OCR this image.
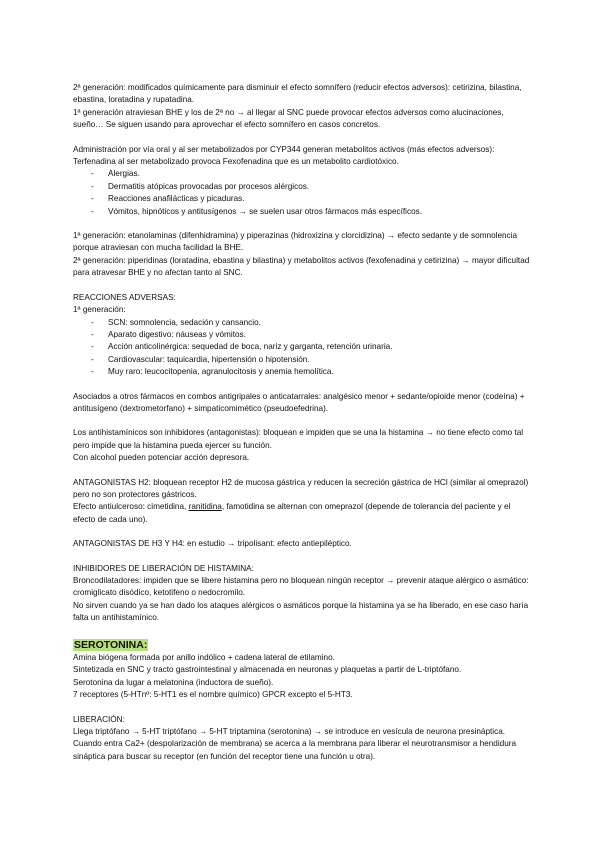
2ª generación: modificados químicamente para disminuir el efecto somnífero (reducir efectos adversos): cetirizina, bilastina, ebastina, loratadina y rupatadina.

1ª generación atraviesan BHE y los de 2ª no → al llegar al SNC puede provocar efectos adversos como alucinaciones, sueño… Se siguen usando para aprovechar el efecto somnífero en casos concretos.

Administración por vía oral y al ser metabolizados por CYP344 generan metabolitos activos (más efectos adversos):

Terfenadina al ser metabolizado provoca Fexofenadina que es un metabolito cardiotóxico.

- Alergias.
- Dermatitis atópicas provocadas por procesos alérgicos.
- Reacciones anafilácticas y picaduras.
- Vómitos, hipnóticos y antitusígenos → se suelen usar otros fármacos más específicos.

1ª generación: etanolaminas (difenhidramina) y piperazinas (hidroxizina y clorcidizina) → efecto sedante y de somnolencia porque atraviesan con mucha facilidad la BHE.

2ª generación: piperidinas (loratadina, ebastina y bilastina) y metabolitos activos (fexofenadina y cetirizina) → mayor dificultad para atravesar BHE y no afectan tanto al SNC.

REACCIONES ADVERSAS:

1ª generación:

- SCN: somnolencia, sedación y cansancio.
- Aparato digestivo: náuseas y vómitos.
- Acción anticolinérgica: sequedad de boca, nariz y garganta, retención urinaria.
- Cardiovascular: taquicardia, hipertensión o hipotensión.
- Muy raro: leucocitopenia, agranulocitosis y anemia hemolítica.

Asociados a otros fármacos en combos antigripales o anticatarrales: analgésico menor + sedante/opioide menor (codeína) + antitusígeno (dextrometorfano) + simpaticomimético (pseudoefedrina).

Los antihistamínicos son inhibidores (antagonistas): bloquean e impiden que se una la histamina → no tiene efecto como tal pero impide que la histamina pueda ejercer su función.

Con alcohol pueden potenciar acción depresora.

ANTAGONISTAS H2: bloquean receptor H2 de mucosa gástrica y reducen la secreción gástrica de HCl (similar al omeprazol) pero no son protectores gástricos.

Efecto antiulceroso: cimetidina, ranitidina, famotidina se alternan con omeprazol (depende de tolerancia del paciente y el efecto de cada uno).

ANTAGONISTAS DE H3 Y H4: en estudio → tripolisant: efecto antiepiléptico.

INHIBIDORES DE LIBERACIÓN DE HISTAMINA:

Broncodilatadores: impiden que se libere histamina pero no bloquean ningún receptor → prevenir ataque alérgico o asmático: cromiglicato disódico, ketotifeno o nedocromilo.

No sirven cuando ya se han dado los ataques alérgicos o asmáticos porque la histamina ya se ha liberado, en ese caso haría falta un antihistamínico.

SEROTONINA:

Amina biógena formada por anillo indólico + cadena lateral de etilamino.

Sintetizada en SNC y tracto gastrointestinal y almacenada en neuronas y plaquetas a partir de L-triptófano.

Serotonina da lugar a melatonina (inductora de sueño).

7 receptores (5-HTnº: 5-HT1 es el nombre químico) GPCR excepto el 5-HT3.

LIBERACIÓN:

Llega triptófano → 5-HT triptófano → 5-HT triptamina (serotonina) → se introduce en vesícula de neurona presináptica. Cuando entra Ca2+ (despolarización de membrana) se acerca a la membrana para liberar el neurotransmisor a hendidura sináptica para buscar su receptor (en función del receptor tiene una función u otra).
